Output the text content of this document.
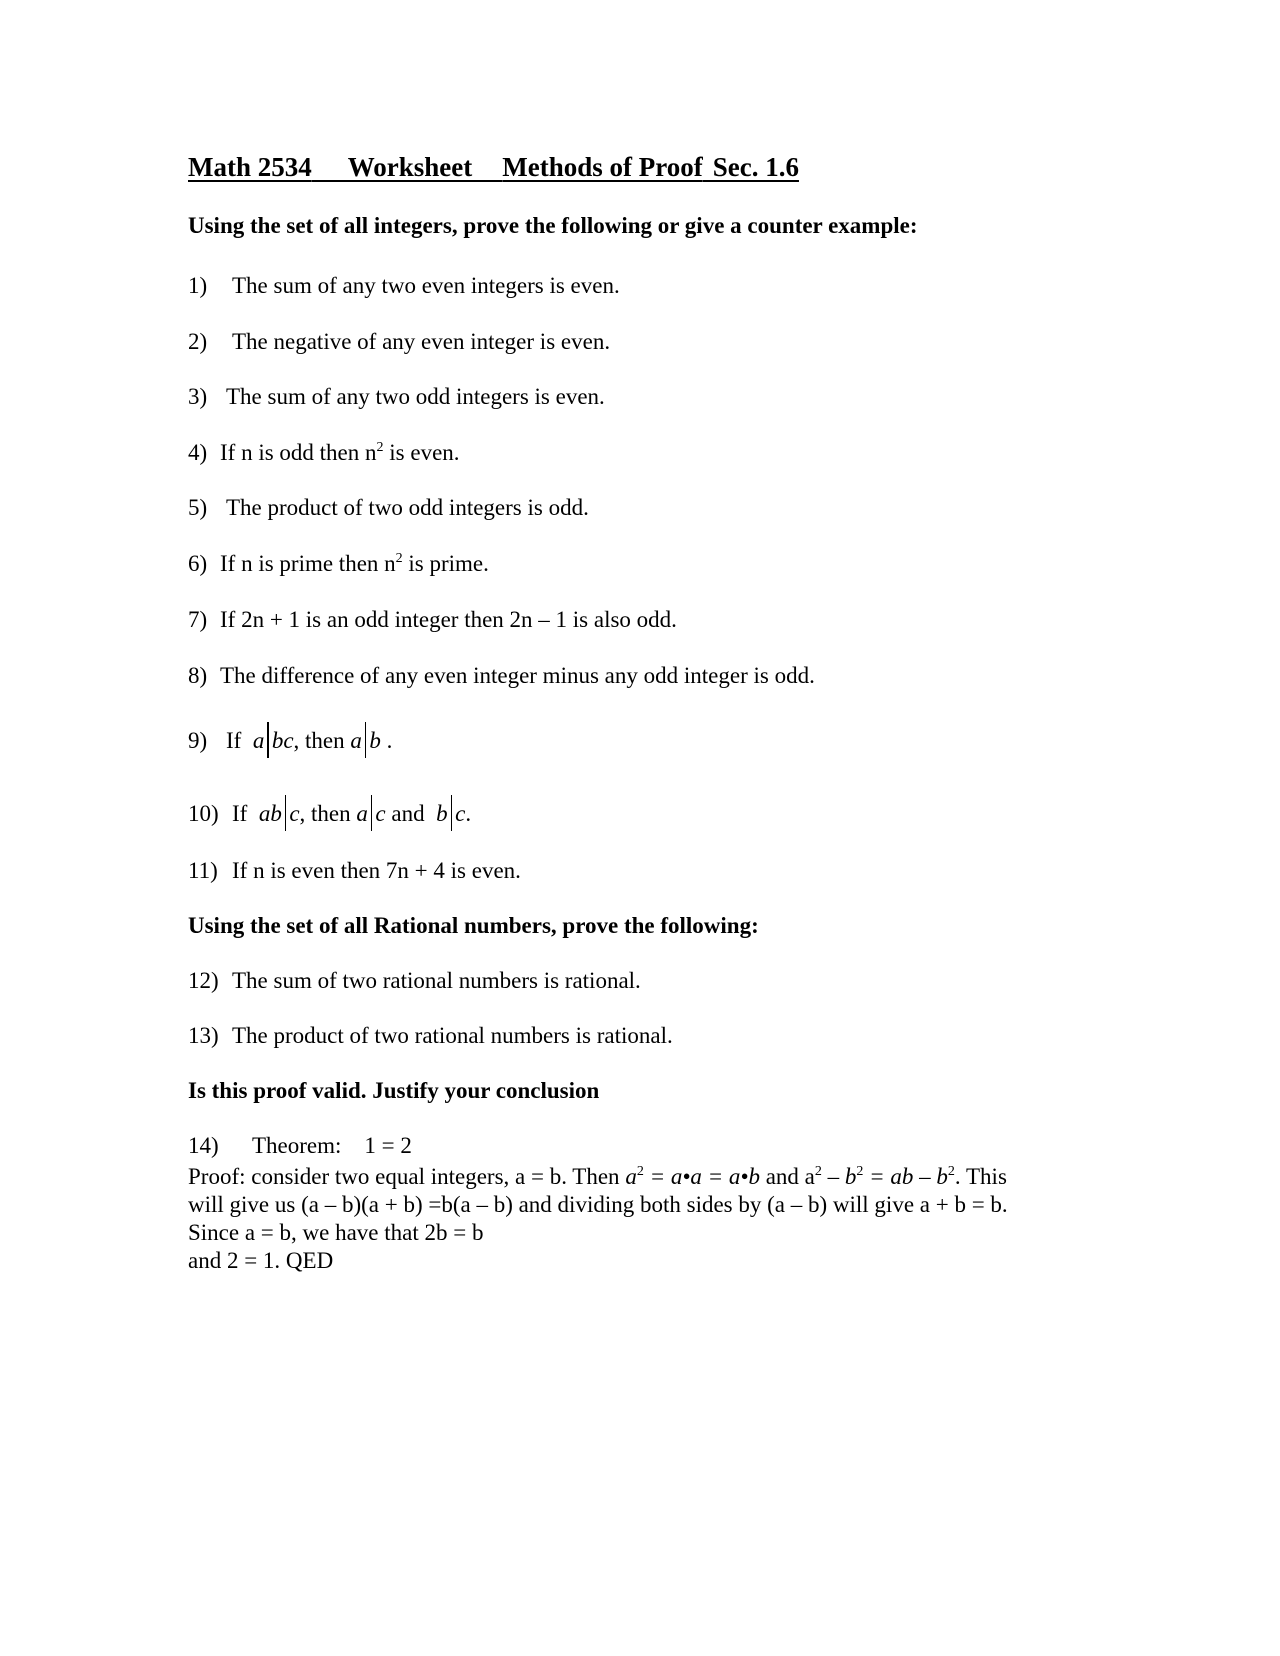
Math 2534 Worksheet Methods of Proof Sec. 1.6
Using the set of all integers, prove the following or give a counter example:
1) The sum of any two even integers is even.
2) The negative of any even integer is even.
3) The sum of any two odd integers is even.
4) If n is odd then $n^2$ is even.
5) The product of two odd integers is odd.
6) If n is prime then $n^2$ is prime.
7) If 2n + 1 is an odd integer then 2n – 1 is also odd.
8) The difference of any even integer minus any odd integer is odd.
9) If a bc, then a b .
10) If ab c, then a c and  b c.
11) If n is even then 7n + 4 is even.
Using the set of all Rational numbers, prove the following:
12) The sum of two rational numbers is rational.
13) The product of two rational numbers is rational.
Is this proof valid. Justify your conclusion
14) Theorem: 1 = 2
Proof: consider two equal integers, a = b. Then $a^2$ = a•a = a•b and $a^2 - b^2$ = ab – $b^2$. This
will give us (a – b)(a + b) =b(a – b) and dividing both sides by (a – b) will give a + b = b.
Since a = b, we have that 2b = b
and 2 = 1. QED
